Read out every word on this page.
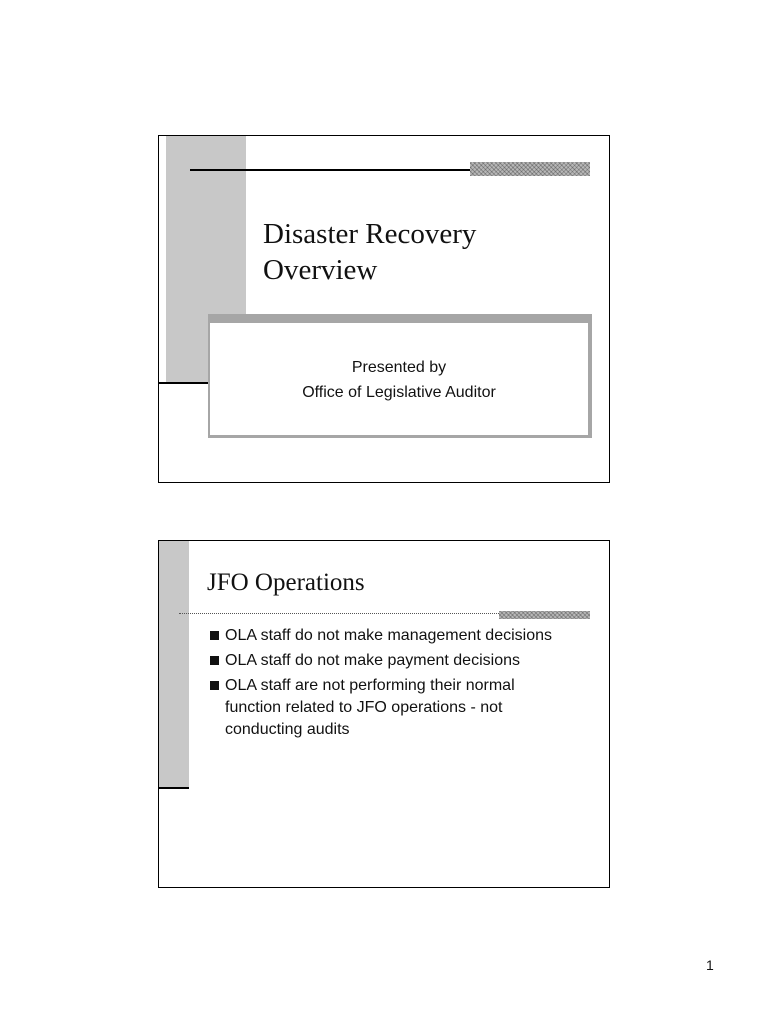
Disaster Recovery
Overview
Presented by
Office of Legislative Auditor
JFO Operations
OLA staff do not make management decisions
OLA staff do not make payment decisions
OLA staff are not performing their normal function related to JFO operations - not conducting audits
1
